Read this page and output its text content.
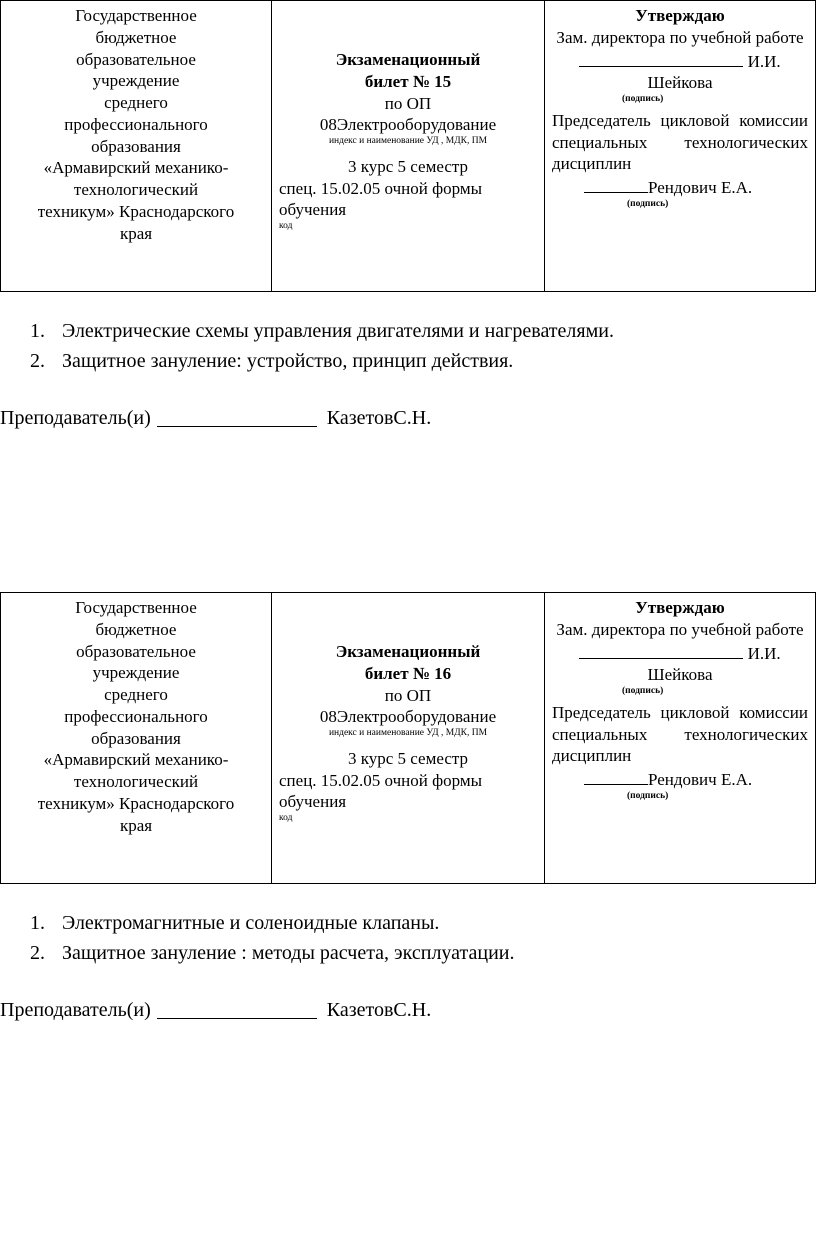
Государственное
бюджетное
образовательное
учреждение
среднего
профессионального
образования
«Армавирский механико-
технологический
техникум» Краснодарского
края
Экзаменационный
билет № 15
по ОП
08Электрооборудование
индекс и наименование УД , МДК, ПМ
3 курс 5 семестр
спец. 15.02.05 очной формы обучения
код
Утверждаю
Зам. директора по учебной работе
И.И. Шейкова
(подпись)
Председатель цикловой комиссии специальных технологических дисциплин
Рендович Е.А.
(подпись)
1. Электрические схемы управления двигателями и нагревателями.
2. Защитное зануление: устройство, принцип действия.
Преподаватель(и)	КазетовС.Н.
Государственное
бюджетное
образовательное
учреждение
среднего
профессионального
образования
«Армавирский механико-
технологический
техникум» Краснодарского
края
Экзаменационный
билет № 16
по ОП
08Электрооборудование
индекс и наименование УД , МДК, ПМ
3 курс 5 семестр
спец. 15.02.05 очной формы обучения
код
Утверждаю
Зам. директора по учебной работе
И.И. Шейкова
(подпись)
Председатель цикловой комиссии специальных технологических дисциплин
Рендович Е.А.
(подпись)
1. Электромагнитные и соленоидные клапаны.
2. Защитное зануление : методы расчета, эксплуатации.
Преподаватель(и)	КазетовС.Н.
